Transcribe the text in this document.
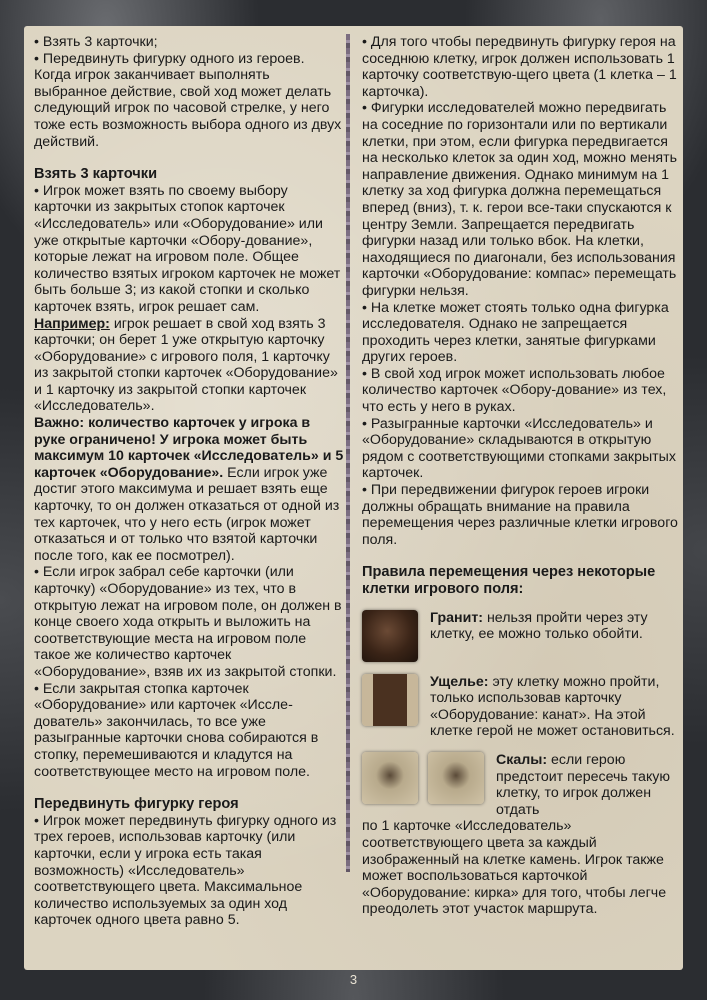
• Взять 3 карточки;

• Передвинуть фигурку одного из героев. Когда игрок заканчивает выполнять выбранное действие, свой ход может делать следующий игрок по часовой стрелке, у него тоже есть возможность выбора одного из двух действий.

Взять 3 карточки

• Игрок может взять по своему выбору карточки из закрытых стопок карточек «Исследователь» или «Оборудование» или уже открытые карточки «Обору-дование», которые лежат на игровом поле. Общее количество взятых игроком карточек не может быть больше 3; из какой стопки и сколько карточек взять, игрок решает сам.

Например: игрок решает в свой ход взять 3 карточки; он берет 1 уже открытую карточку «Оборудование» с игрового поля, 1 карточку из закрытой стопки карточек «Оборудование» и 1 карточку из закрытой стопки карточек «Исследователь».

Важно: количество карточек у игрока в руке ограничено! У игрока может быть максимум 10 карточек «Исследователь» и 5 карточек «Оборудование». Если игрок уже достиг этого максимума и решает взять еще карточку, то он должен отказаться от одной из тех карточек, что у него есть (игрок может отказаться и от только что взятой карточки после того, как ее посмотрел).

• Если игрок забрал себе карточки (или карточку) «Оборудование» из тех, что в открытую лежат на игровом поле, он должен в конце своего хода открыть и выложить на соответствующие места на игровом поле такое же количество карточек «Оборудование», взяв их из закрытой стопки.

• Если закрытая стопка карточек «Оборудование» или карточек «Иссле-дователь» закончилась, то все уже разыгранные карточки снова собираются в стопку, перемешиваются и кладутся на соответствующее место на игровом поле.

Передвинуть фигурку героя

• Игрок может передвинуть фигурку одного из трех героев, использовав карточку (или карточки, если у игрока есть такая возможность) «Исследователь» соответствующего цвета. Максимальное количество используемых за один ход карточек одного цвета равно 5.

• Для того чтобы передвинуть фигурку героя на соседнюю клетку, игрок должен использовать 1 карточку соответствую-щего цвета (1 клетка – 1 карточка).

• Фигурки исследователей можно передвигать на соседние по горизонтали или по вертикали клетки, при этом, если фигурка передвигается на несколько клеток за один ход, можно менять направление движения. Однако минимум на 1 клетку за ход фигурка должна перемещаться вперед (вниз), т. к. герои все-таки спускаются к центру Земли. Запрещается передвигать фигурки назад или только вбок. На клетки, находящиеся по диагонали, без использования карточки «Оборудование: компас» перемещать фигурки нельзя.

• На клетке может стоять только одна фигурка исследователя. Однако не запрещается проходить через клетки, занятые фигурками других героев.

• В свой ход игрок может использовать любое количество карточек «Обору-дование» из тех, что есть у него в руках.

• Разыгранные карточки «Исследователь» и «Оборудование» складываются в открытую рядом с соответствующими стопками закрытых карточек.

• При передвижении фигурок героев игроки должны обращать внимание на правила перемещения через различные клетки игрового поля.

Правила перемещения через некоторые клетки игрового поля:

Гранит: нельзя пройти через эту клетку, ее можно только обойти.

Ущелье: эту клетку можно пройти, только использовав карточку «Оборудование: канат». На этой клетке герой не может остановиться.

Скалы: если герою предстоит пересечь такую клетку, то игрок должен отдать

по 1 карточке «Исследователь» соответствующего цвета за каждый изображенный на клетке камень. Игрок также может воспользоваться карточкой «Оборудование: кирка» для того, чтобы легче преодолеть этот участок маршрута.

3
